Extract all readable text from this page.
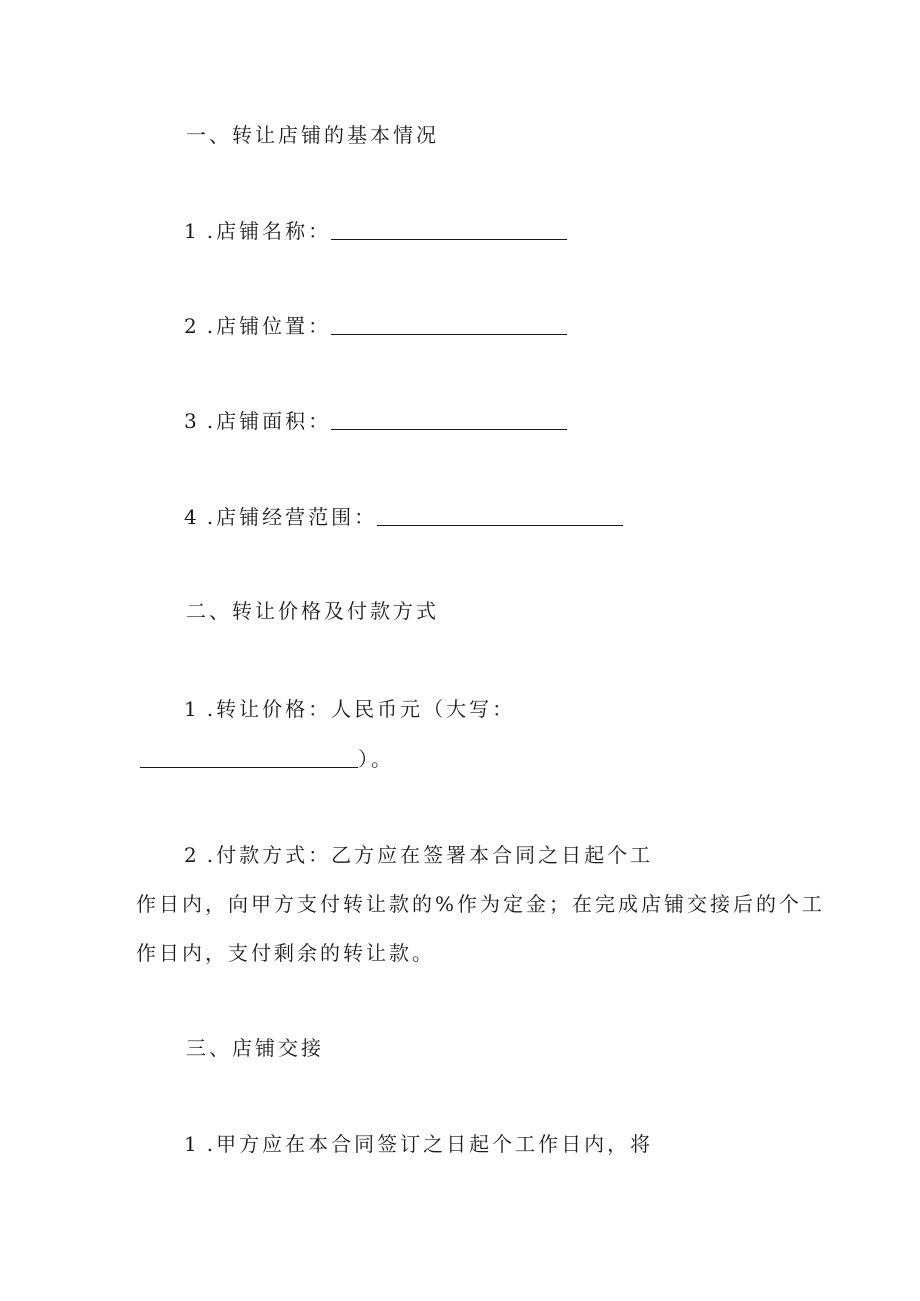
一、转让店铺的基本情况
1.店铺名称：
2.店铺位置：
3.店铺面积：
4.店铺经营范围：
二、转让价格及付款方式
1.转让价格：人民币元（大写：
）。
2.付款方式：乙方应在签署本合同之日起个工
作日内，向甲方支付转让款的%作为定金；在完成店铺交接后的个工
作日内，支付剩余的转让款。
三、店铺交接
1.甲方应在本合同签订之日起个工作日内，将
